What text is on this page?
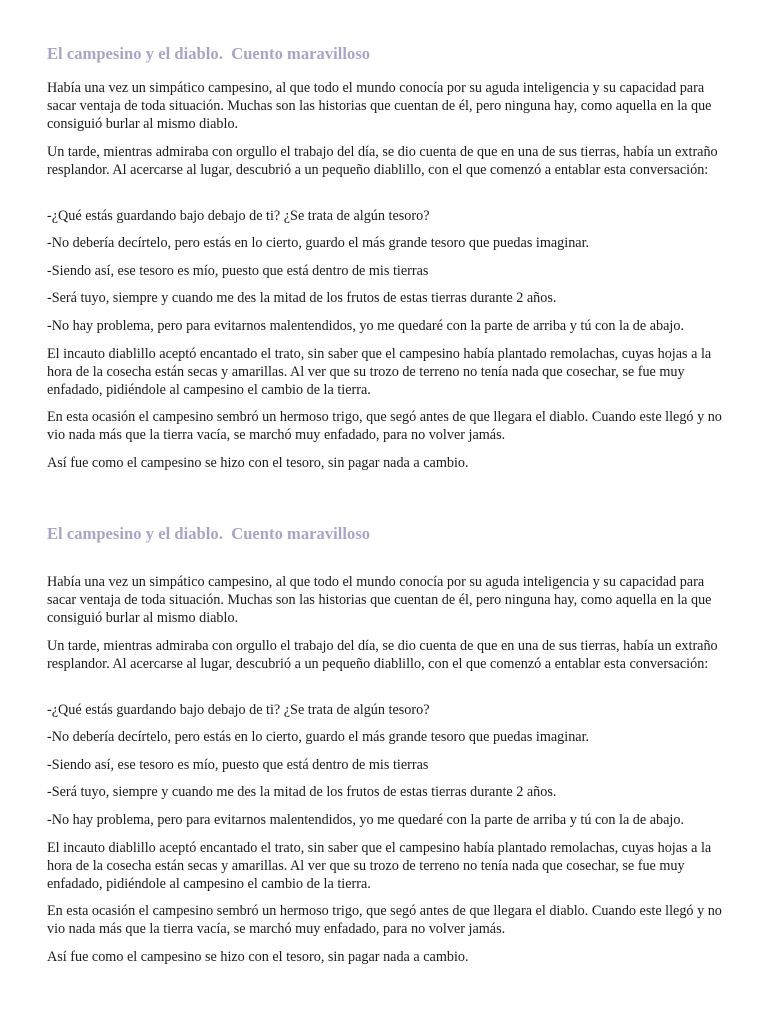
El campesino y el diablo.  Cuento maravilloso

Había una vez un simpático campesino, al que todo el mundo conocía por su aguda inteligencia y su capacidad para sacar ventaja de toda situación. Muchas son las historias que cuentan de él, pero ninguna hay, como aquella en la que consiguió burlar al mismo diablo.

Un tarde, mientras admiraba con orgullo el trabajo del día, se dio cuenta de que en una de sus tierras, había un extraño resplandor. Al acercarse al lugar, descubrió a un pequeño diablillo, con el que comenzó a entablar esta conversación:

-¿Qué estás guardando bajo debajo de ti? ¿Se trata de algún tesoro?

-No debería decírtelo, pero estás en lo cierto, guardo el más grande tesoro que puedas imaginar.

-Siendo así, ese tesoro es mío, puesto que está dentro de mis tierras

-Será tuyo, siempre y cuando me des la mitad de los frutos de estas tierras durante 2 años.

-No hay problema, pero para evitarnos malentendidos, yo me quedaré con la parte de arriba y tú con la de abajo.

El incauto diablillo aceptó encantado el trato, sin saber que el campesino había plantado remolachas, cuyas hojas a la hora de la cosecha están secas y amarillas. Al ver que su trozo de terreno no tenía nada que cosechar, se fue muy enfadado, pidiéndole al campesino el cambio de la tierra.

En esta ocasión el campesino sembró un hermoso trigo, que segó antes de que llegara el diablo. Cuando este llegó y no vio nada más que la tierra vacía, se marchó muy enfadado, para no volver jamás.

Así fue como el campesino se hizo con el tesoro, sin pagar nada a cambio.

El campesino y el diablo.  Cuento maravilloso

Había una vez un simpático campesino, al que todo el mundo conocía por su aguda inteligencia y su capacidad para sacar ventaja de toda situación. Muchas son las historias que cuentan de él, pero ninguna hay, como aquella en la que consiguió burlar al mismo diablo.

Un tarde, mientras admiraba con orgullo el trabajo del día, se dio cuenta de que en una de sus tierras, había un extraño resplandor. Al acercarse al lugar, descubrió a un pequeño diablillo, con el que comenzó a entablar esta conversación:

-¿Qué estás guardando bajo debajo de ti? ¿Se trata de algún tesoro?

-No debería decírtelo, pero estás en lo cierto, guardo el más grande tesoro que puedas imaginar.

-Siendo así, ese tesoro es mío, puesto que está dentro de mis tierras

-Será tuyo, siempre y cuando me des la mitad de los frutos de estas tierras durante 2 años.

-No hay problema, pero para evitarnos malentendidos, yo me quedaré con la parte de arriba y tú con la de abajo.

El incauto diablillo aceptó encantado el trato, sin saber que el campesino había plantado remolachas, cuyas hojas a la hora de la cosecha están secas y amarillas. Al ver que su trozo de terreno no tenía nada que cosechar, se fue muy enfadado, pidiéndole al campesino el cambio de la tierra.

En esta ocasión el campesino sembró un hermoso trigo, que segó antes de que llegara el diablo. Cuando este llegó y no vio nada más que la tierra vacía, se marchó muy enfadado, para no volver jamás.

Así fue como el campesino se hizo con el tesoro, sin pagar nada a cambio.
